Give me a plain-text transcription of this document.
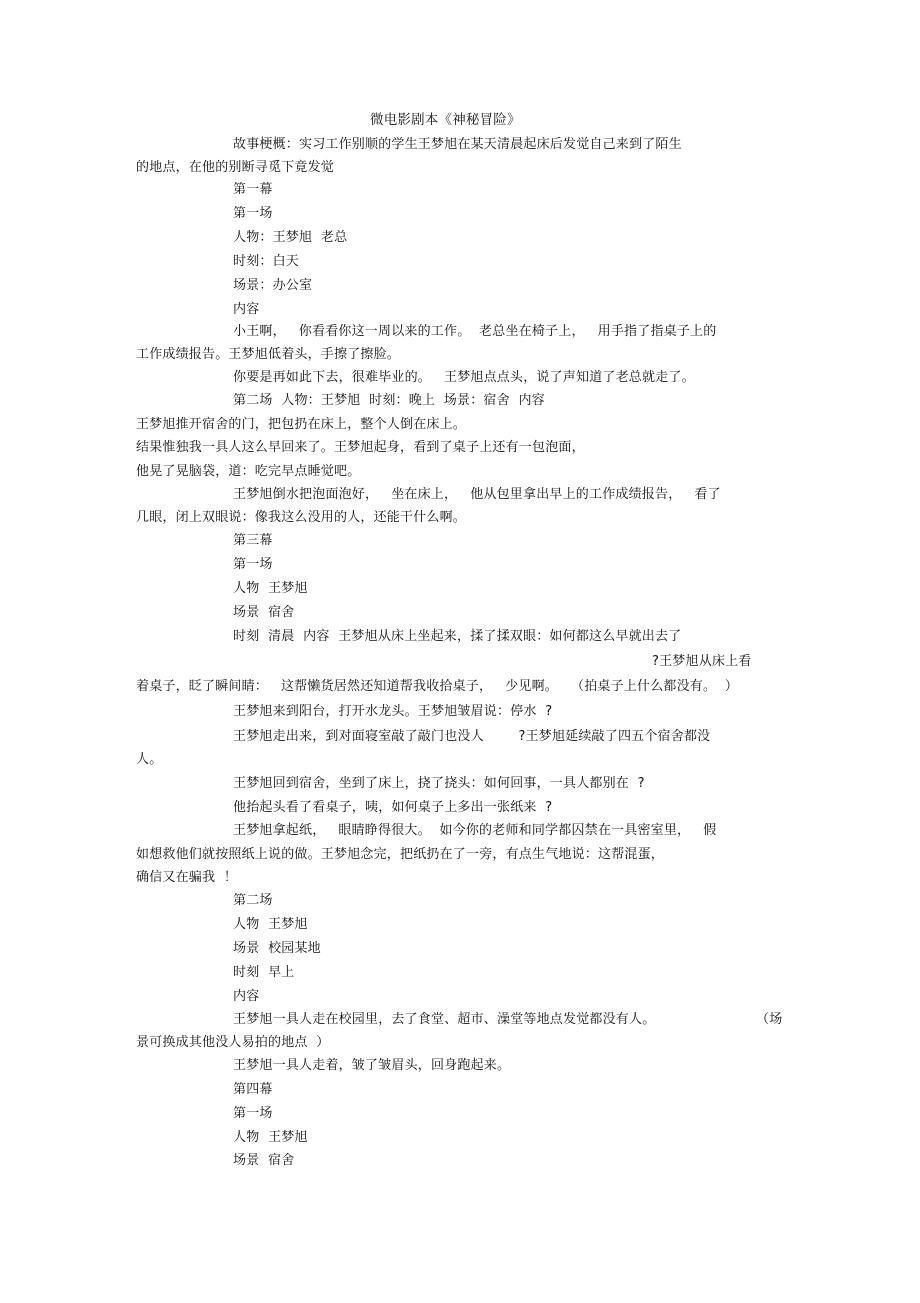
微电影剧本《神秘冒险》
故事梗概：实习工作别顺的学生王梦旭在某天清晨起床后发觉自己来到了陌生
的地点，在他的别断寻觅下竟发觉
第一幕
第一场
人物：王梦旭  老总
时刻：白天
场景：办公室
内容
小王啊，   你看看你这一周以来的工作。  老总坐在椅子上，   用手指了指桌子上的
工作成绩报告。王梦旭低着头，手擦了擦脸。
你要是再如此下去，很难毕业的。   王梦旭点点头，说了声知道了老总就走了。
第二场  人物：王梦旭  时刻：晚上  场景：宿舍  内容
王梦旭推开宿舍的门，把包扔在床上，整个人倒在床上。
结果惟独我一具人这么早回来了。王梦旭起身，看到了桌子上还有一包泡面，
他晃了晃脑袋，道：吃完早点睡觉吧。
王梦旭倒水把泡面泡好，   坐在床上，   他从包里拿出早上的工作成绩报告，   看了
几眼，闭上双眼说：像我这么没用的人，还能干什么啊。
第三幕
第一场
人物  王梦旭
场景  宿舍
时刻  清晨  内容  王梦旭从床上坐起来，揉了揉双眼：如何都这么早就出去了
?王梦旭从床上看
着桌子，眨了瞬间睛：   这帮懒货居然还知道帮我收拾桌子，   少见啊。   （拍桌子上什么都没有。  ）
王梦旭来到阳台，打开水龙头。王梦旭皱眉说：停水  ?
王梦旭走出来，到对面寝室敲了敲门也没人        ?王梦旭延续敲了四五个宿舍都没
人。
王梦旭回到宿舍，坐到了床上，挠了挠头：如何回事，一具人都别在  ?
他抬起头看了看桌子，咦，如何桌子上多出一张纸来  ?
王梦旭拿起纸，   眼睛睁得很大。  如今你的老师和同学都囚禁在一具密室里，   假
如想救他们就按照纸上说的做。王梦旭念完，把纸扔在了一旁，有点生气地说：这帮混蛋，
确信又在骗我  ！
第二场
人物  王梦旭
场景  校园某地
时刻  早上
内容
王梦旭一具人走在校园里，去了食堂、超市、澡堂等地点发觉都没有人。	（场
景可换成其他没人易拍的地点  ）
王梦旭一具人走着，皱了皱眉头，回身跑起来。
第四幕
第一场
人物  王梦旭
场景  宿舍
